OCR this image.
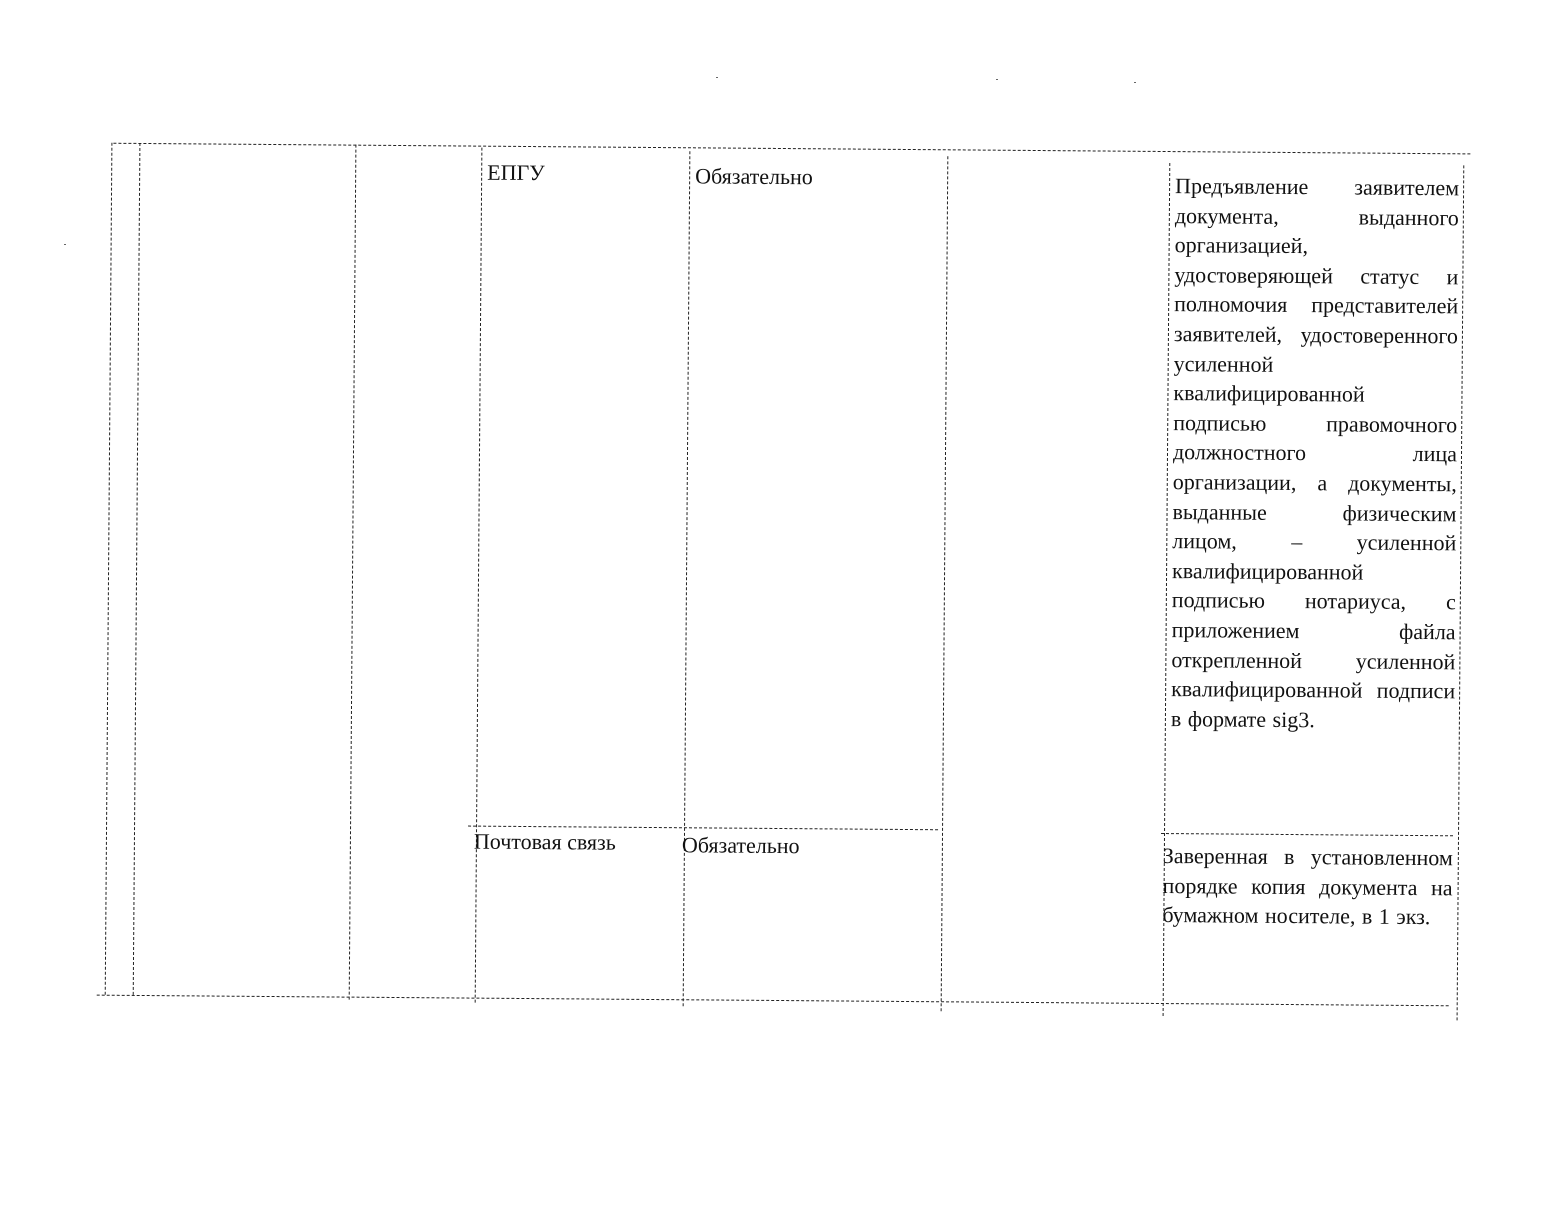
ЕПГУ	Обязательно	Предъявление заявителем документа, выданного организацией, удостоверяющей статус и полномочия представителей заявителей, удостоверенного усиленной квалифицированной подписью правомочного должностного лица организации, а документы, выданные физическим лицом, – усиленной квалифицированной подписью нотариуса, с приложением файла открепленной усиленной квалифицированной подписи в формате sig3.
Почтовая связь	Обязательно	Заверенная в установленном порядке копия документа на бумажном носителе, в 1 экз.
